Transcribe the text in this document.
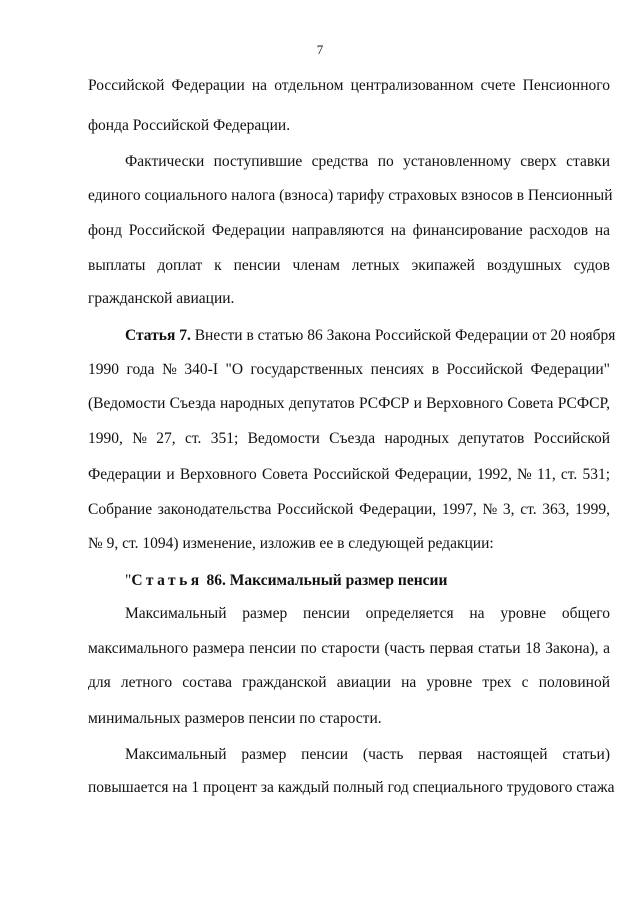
7
Российской Федерации на отдельном централизованном счете Пенсионного
фонда Российской Федерации.
Фактически поступившие средства по установленному сверх ставки
единого социального налога (взноса) тарифу страховых взносов в Пенсионный
фонд Российской Федерации направляются на финансирование расходов на
выплаты доплат к пенсии членам летных экипажей воздушных судов
гражданской авиации.
Статья 7. Внести в статью 86 Закона Российской Федерации от 20 ноября
1990 года № 340-I "О государственных пенсиях в Российской Федерации"
(Ведомости Съезда народных депутатов РСФСР и Верховного Совета РСФСР,
1990, № 27, ст. 351; Ведомости Съезда народных депутатов Российской
Федерации и Верховного Совета Российской Федерации, 1992, № 11, ст. 531;
Собрание законодательства Российской Федерации, 1997, № 3, ст. 363, 1999,
№ 9, ст. 1094) изменение, изложив ее в следующей редакции:
"Статья 86. Максимальный размер пенсии
Максимальный размер пенсии определяется на уровне общего
максимального размера пенсии по старости (часть первая статьи 18 Закона), а
для летного состава гражданской авиации на уровне трех с половиной
минимальных размеров пенсии по старости.
Максимальный размер пенсии (часть первая настоящей статьи)
повышается на 1 процент за каждый полный год специального трудового стажа
